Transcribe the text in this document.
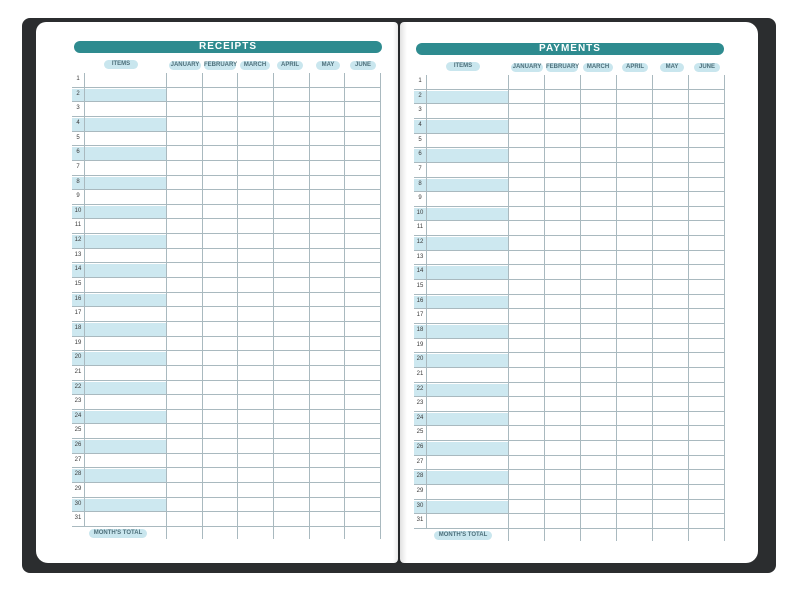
RECEIPTS
ITEMS	JANUARY FEBRUARY	MARCH	APRIL	MAY	JUNE
1
2
3
4
5
6
7
8
9
10
11
12
13
14
15
16
17
18
19
20
21
22
23
24
25
26
27
28
29
30
31
MONTH'S TOTAL
PAYMENTS
ITEMS	JANUARY FEBRUARY	MARCH	APRIL	MAY	JUNE
1
2
3
4
5
6
7
8
9
10
11
12
13
14
15
16
17
18
19
20
21
22
23
24
25
26
27
28
29
30
31
MONTH'S TOTAL
